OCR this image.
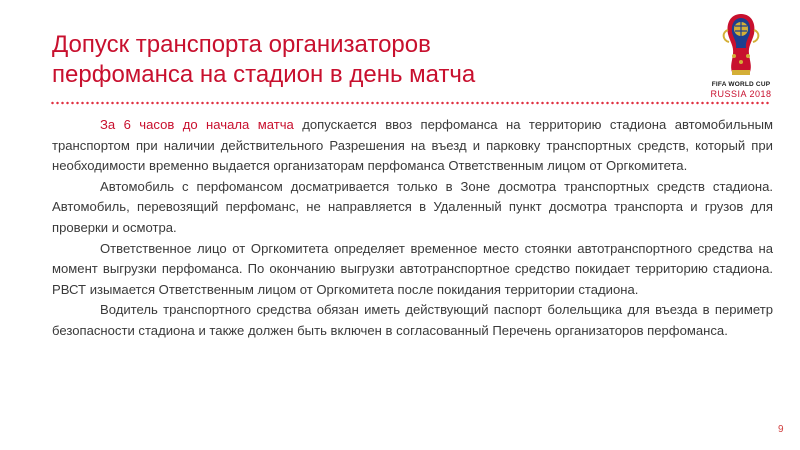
Допуск транспорта организаторов
перфоманса на стадион в день матча	FIFA WORLD CUP
RUSSIA 2018

За 6 часов до начала матча допускается ввоз перфоманса на территорию стадиона автомобильным транспортом при наличии действительного Разрешения на въезд и парковку транспортных средств, который при необходимости временно выдается организаторам перфоманса Ответственным лицом от Оргкомитета.

Автомобиль с перфомансом досматривается только в Зоне досмотра транспортных средств стадиона. Автомобиль, перевозящий перфоманс, не направляется в Удаленный пункт досмотра транспорта и грузов для проверки и осмотра.

Ответственное лицо от Оргкомитета определяет временное место стоянки автотранспортного средства на момент выгрузки перфоманса. По окончанию выгрузки автотранспортное средство покидает территорию стадиона. РВСТ изымается Ответственным лицом от Оргкомитета после покидания территории стадиона.

Водитель транспортного средства обязан иметь действующий паспорт болельщика для въезда в периметр безопасности стадиона и также должен быть включен в согласованный Перечень организаторов перфоманса.

9
